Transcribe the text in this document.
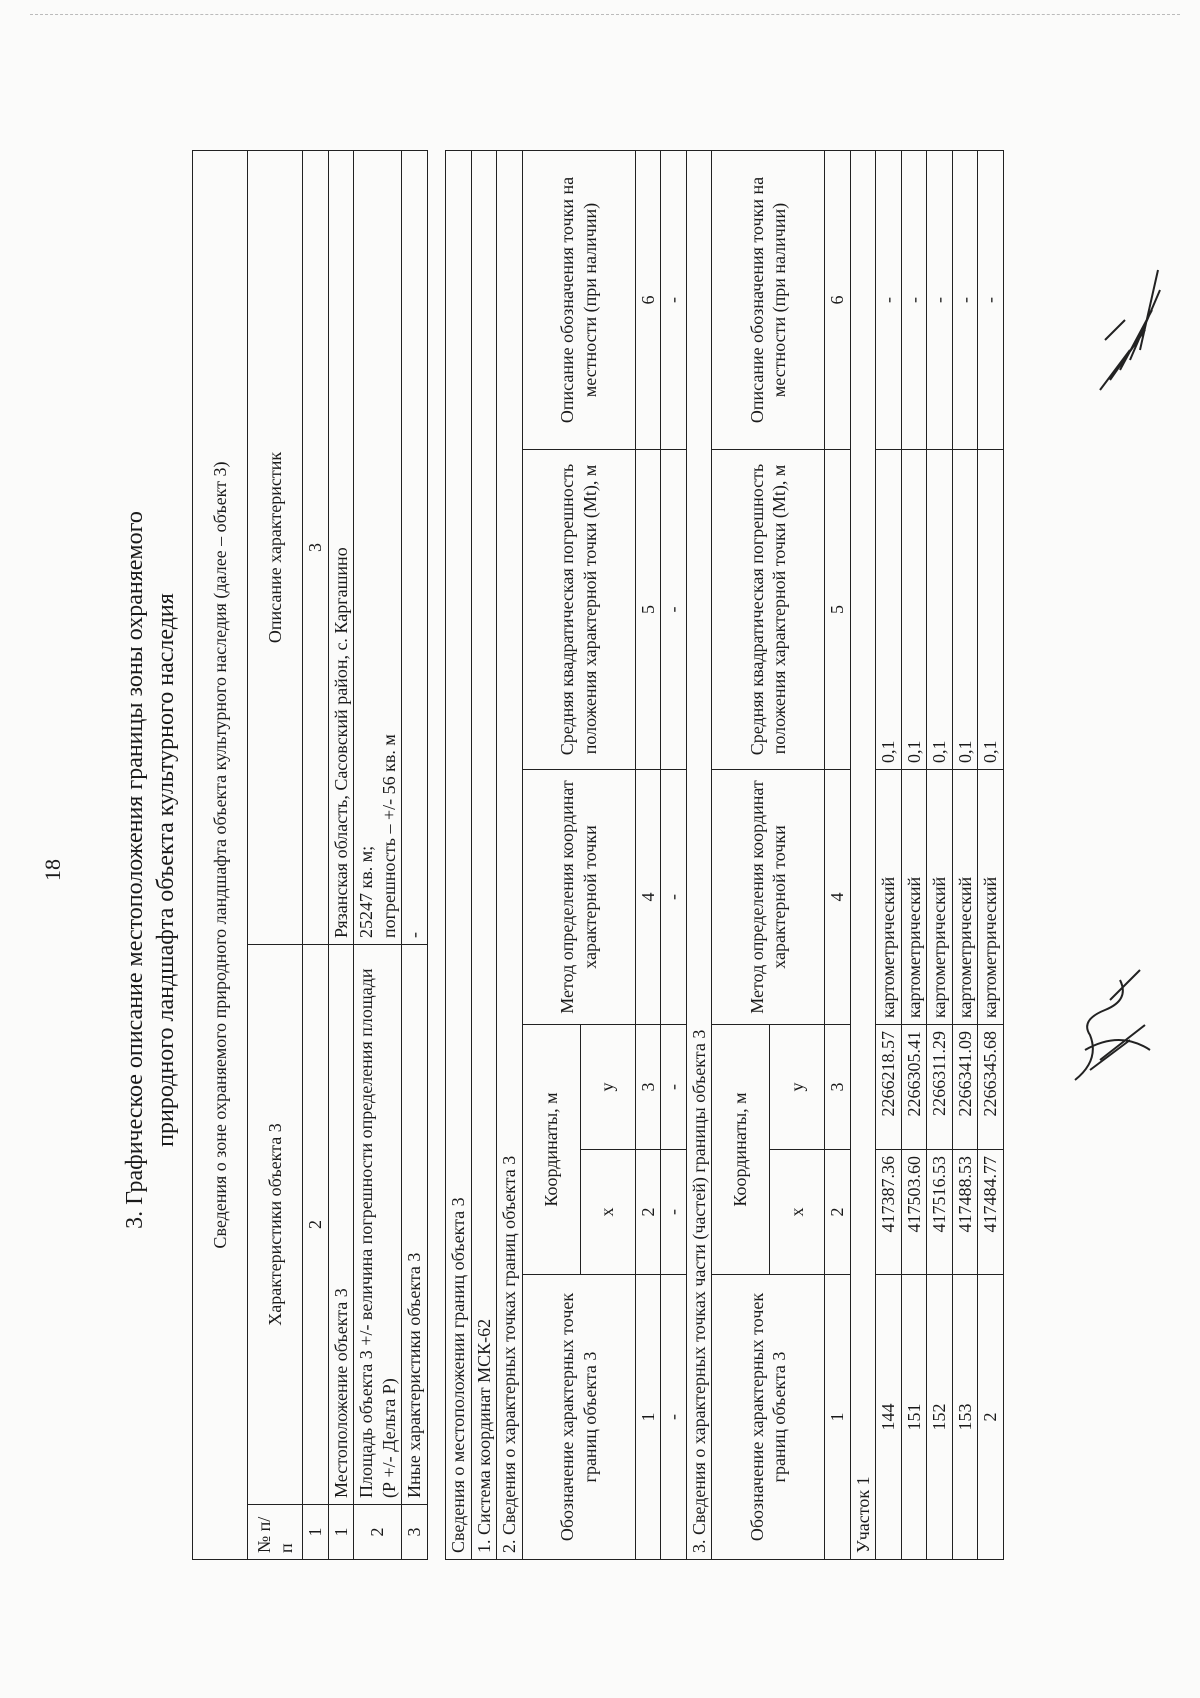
18 3. Графическое описание местоположения границы зоны охраняемого природного ландшафта объекта культурного наследия Сведения о зоне охраняемого природного ландшафта объекта культурного наследия (далее – объект 3)		
№ п/п	Характеристики объекта 3	Описание характеристик
1	2	3
1	Местоположение объекта 3	Рязанская область, Сасовский район, с. Каргашино
2	Площадь объекта 3 +/- величина погрешности определения площади (Р +/- Дельта Р)	25247 кв. м; погрешность – +/- 56 кв. м

3	Иные характеристики объекта 3	-
Сведения о местоположении границ объекта 3					
1. Система координат МСК-62					
2. Сведения о характерных точках границ объекта 3					
Обозначение характерных точек границ объекта 3	Координаты, м		Метод определения координат характерной точки	Средняя квадратическая погрешность положения характерной точки (Mt), м	Описание обозначения точки на местности (при наличии)
	х	у			
1	2	3	4	5	6
-	-	-	-	-	-
3. Сведения о характерных точках части (частей) границы объекта 3					
Обозначение характерных точек границ объекта 3	Координаты, м		Метод определения координат характерной точки	Средняя квадратическая погрешность положения характерной точки (Mt), м	Описание обозначения точки на местности (при наличии)
	х	у			
1	2	3	4	5	6
Участок 1					
144	417387.36	2266218.57	картометрический	0,1	-
151	417503.60	2266305.41	картометрический	0,1	-
152	417516.53	2266311.29	картометрический	0,1	-
153	417488.53	2266341.09	картометрический	0,1	-
2	417484.77	2266345.68	картометрический	0,1	-
